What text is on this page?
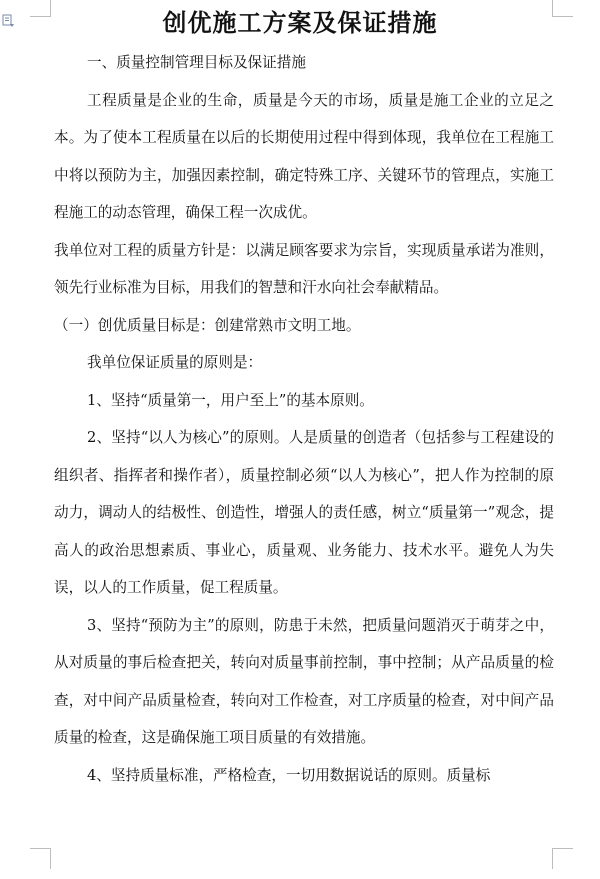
创优施工方案及保证措施

一、质量控制管理目标及保证措施

工程质量是企业的生命，质量是今天的市场，质量是施工企业的立足之本。为了使本工程质量在以后的长期使用过程中得到体现，我单位在工程施工中将以预防为主，加强因素控制，确定特殊工序、关键环节的管理点，实施工程施工的动态管理，确保工程一次成优。

我单位对工程的质量方针是：以满足顾客要求为宗旨，实现质量承诺为准则，领先行业标准为目标，用我们的智慧和汗水向社会奉献精品。

（一）创优质量目标是：创建常熟市文明工地。

我单位保证质量的原则是：

1、坚持“质量第一，用户至上”的基本原则。

2、坚持“以人为核心”的原则。人是质量的创造者（包括参与工程建设的组织者、指挥者和操作者），质量控制必须“以人为核心”，把人作为控制的原动力，调动人的结极性、创造性，增强人的责任感，树立“质量第一”观念，提高人的政治思想素质、事业心，质量观、业务能力、技术水平。避免人为失误，以人的工作质量，促工程质量。

3、坚持“预防为主”的原则，防患于未然，把质量问题消灭于萌芽之中，从对质量的事后检查把关，转向对质量事前控制，事中控制；从产品质量的检查，对中间产品质量检查，转向对工作检查，对工序质量的检查，对中间产品质量的检查，这是确保施工项目质量的有效措施。

4、坚持质量标准，严格检查，一切用数据说话的原则。质量标
